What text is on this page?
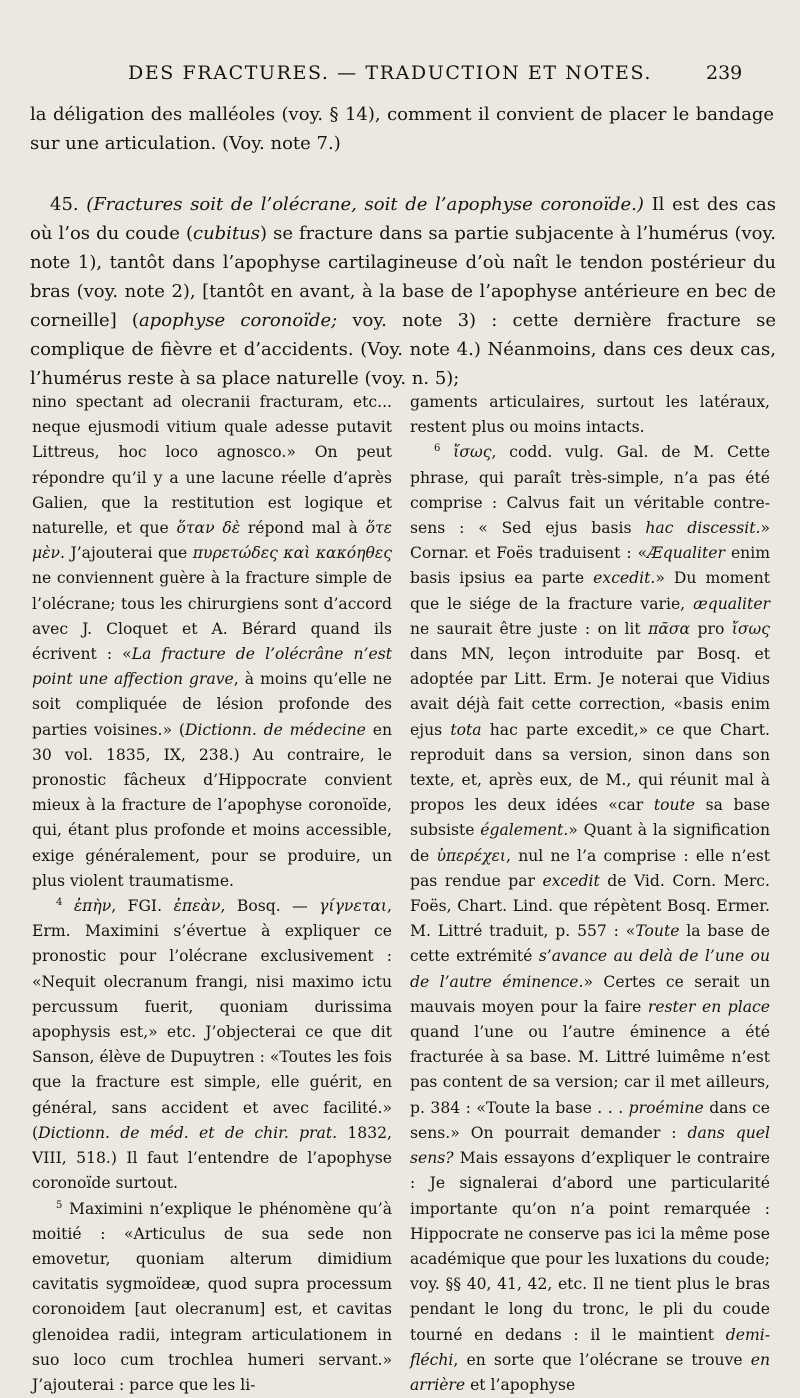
DES FRACTURES. — TRADUCTION ET NOTES.	239
la déligation des malléoles (voy. § 14), comment il convient de placer le bandage sur une articulation. (Voy. note 7.)
45. (Fractures soit de l’olécrane, soit de l’apophyse coronoïde.) Il est des cas où l’os du coude (cubitus) se fracture dans sa partie subjacente à l’humérus (voy. note 1), tantôt dans l’apophyse cartilagineuse d’où naît le tendon postérieur du bras (voy. note 2), [tantôt en avant, à la base de l’apophyse antérieure en bec de corneille] (apophyse coronoïde; voy. note 3) : cette dernière fracture se complique de fièvre et d’accidents. (Voy. note 4.) Néanmoins, dans ces deux cas, l’humérus reste à sa place naturelle (voy. n. 5);

nino spectant ad olecranii fracturam, etc... neque ejusmodi vitium quale adesse putavit Littreus, hoc loco agnosco.» On peut répondre qu’il y a une lacune réelle d’après Galien, que la restitution est logique et naturelle, et que ὅταν δὲ répond mal à ὅτε μὲν. J’ajouterai que πυρετώδες καὶ κακόηθες ne conviennent guère à la fracture simple de l’olécrane; tous les chirurgiens sont d’accord avec J. Cloquet et A. Bérard quand ils écrivent : «La fracture de l’olécrâne n’est point une affection grave, à moins qu’elle ne soit compliquée de lésion profonde des parties voisines.» (Dictionn. de médecine en 30 vol. 1835, IX, 238.) Au contraire, le pronostic fâcheux d’Hippocrate convient mieux à la fracture de l’apophyse coronoïde, qui, étant plus profonde et moins accessible, exige généralement, pour se produire, un plus violent traumatisme.

$^4$ ἐπὴν, FGI. ἐπεὰν, Bosq. — γίγνεται, Erm. Maximini s’évertue à expliquer ce pronostic pour l’olécrane exclusivement : «Nequit olecranum frangi, nisi maximo ictu percussum fuerit, quoniam durissima apophysis est,» etc. J’objecterai ce que dit Sanson, élève de Dupuytren : «Toutes les fois que la fracture est simple, elle guérit, en général, sans accident et avec facilité.» (Dictionn. de méd. et de chir. prat. 1832, VIII, 518.) Il faut l’entendre de l’apophyse coronoïde surtout.

$^5$ Maximini n’explique le phénomène qu’à moitié : «Articulus de sua sede non emovetur, quoniam alterum dimidium cavitatis sygmoïdeæ, quod supra processum coronoidem [aut olecranum] est, et cavitas glenoidea radii, integram articulationem in suo loco cum trochlea humeri servant.» J’ajouterai : parce que les li-

gaments articulaires, surtout les latéraux, restent plus ou moins intacts.

$^6$ ἴσως, codd. vulg. Gal. de M. Cette phrase, qui paraît très-simple, n’a pas été comprise : Calvus fait un véritable contre-sens : « Sed ejus basis hac discessit.» Cornar. et Foës traduisent : «Æqualiter enim basis ipsius ea parte excedit.» Du moment que le siége de la fracture varie, æqualiter ne saurait être juste : on lit πᾶσα pro ἴσως dans MN, leçon introduite par Bosq. et adoptée par Litt. Erm. Je noterai que Vidius avait déjà fait cette correction, «basis enim ejus tota hac parte excedit,» ce que Chart. reproduit dans sa version, sinon dans son texte, et, après eux, de M., qui réunit mal à propos les deux idées «car toute sa base subsiste également.» Quant à la signification de ὑπερέχει, nul ne l’a comprise : elle n’est pas rendue par excedit de Vid. Corn. Merc. Foës, Chart. Lind. que répètent Bosq. Ermer. M. Littré traduit, p. 557 : «Toute la base de cette extrémité s’avance au delà de l’une ou de l’autre éminence.» Certes ce serait un mauvais moyen pour la faire rester en place quand l’une ou l’autre éminence a été fracturée à sa base. M. Littré luimême n’est pas content de sa version; car il met ailleurs, p. 384 : «Toute la base . . . proémine dans ce sens.» On pourrait demander : dans quel sens? Mais essayons d’expliquer le contraire : Je signalerai d’abord une particularité importante qu’on n’a point remarquée : Hippocrate ne conserve pas ici la même pose académique que pour les luxations du coude; voy. §§ 40, 41, 42, etc. Il ne tient plus le bras pendant le long du tronc, le pli du coude tourné en dedans : il le maintient demi-fléchi, en sorte que l’olécrane se trouve en arrière et l’apophyse
